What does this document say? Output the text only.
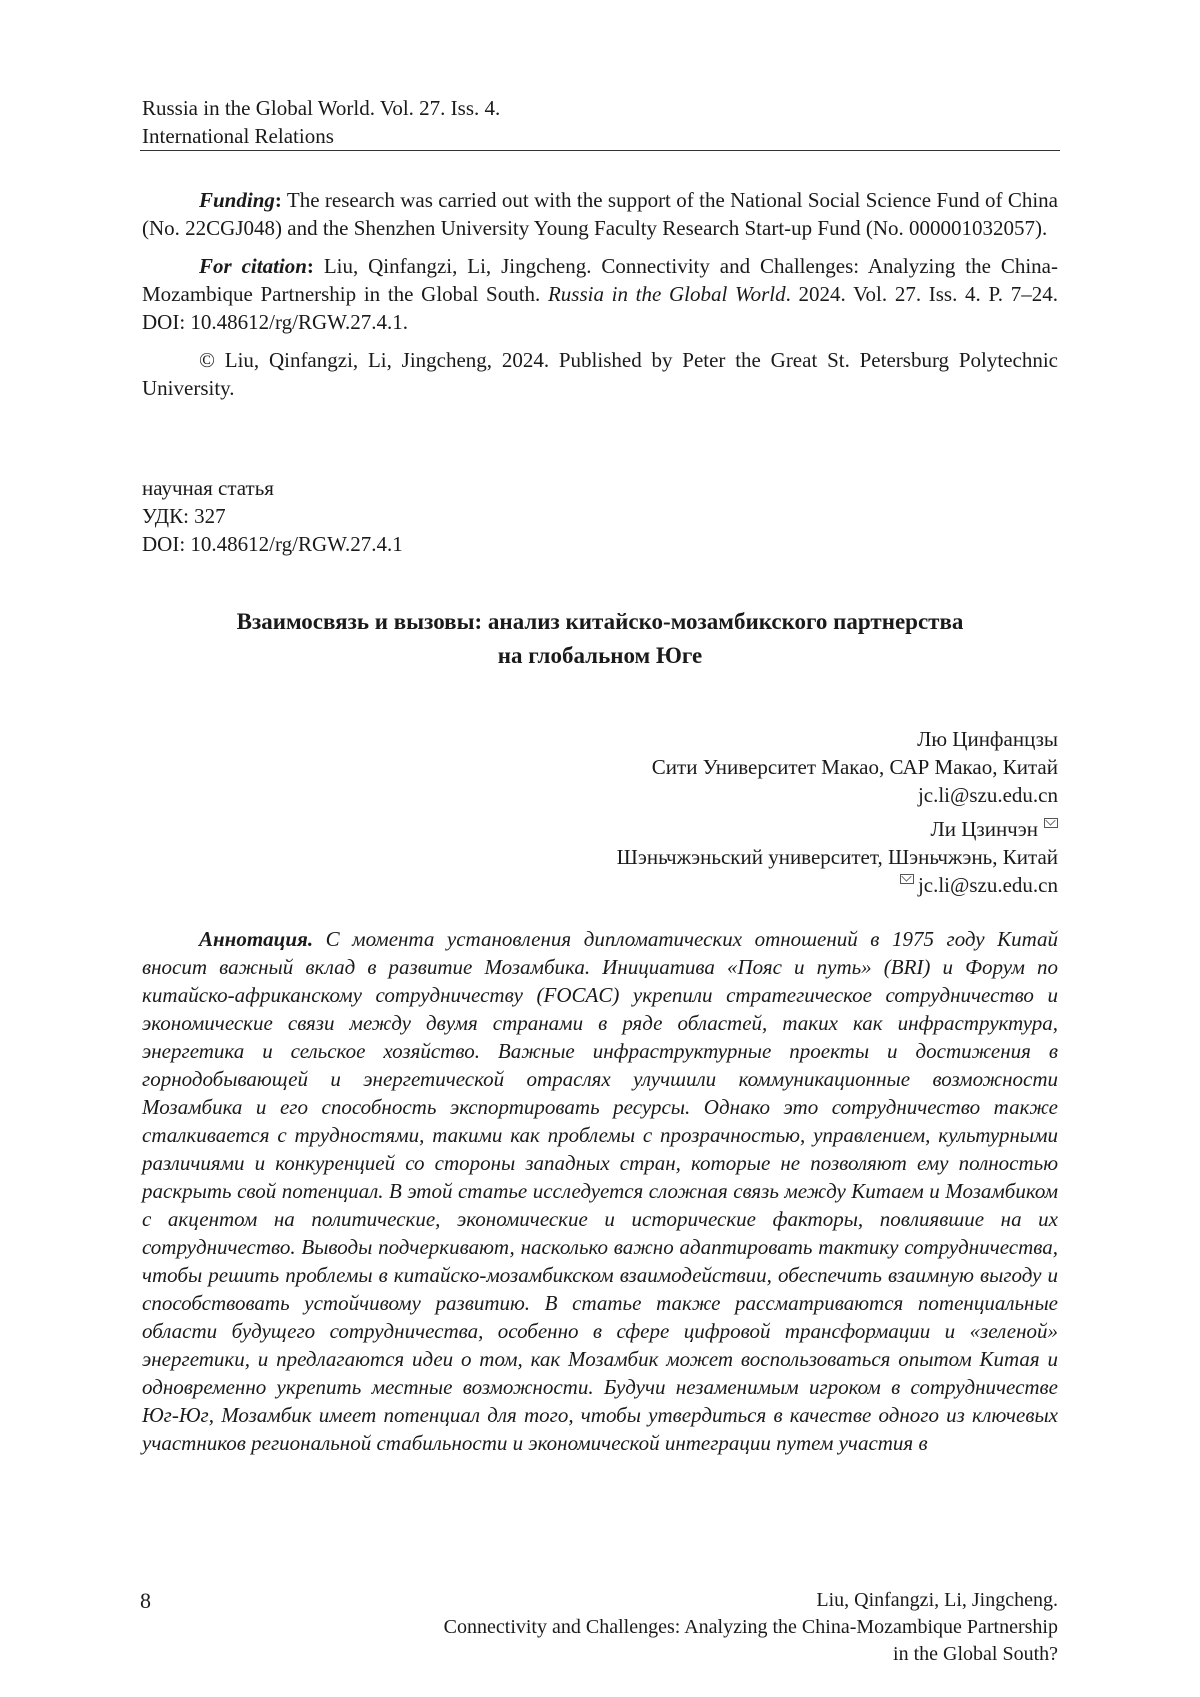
Russia in the Global World. Vol. 27. Iss. 4.
International Relations

Funding: The research was carried out with the support of the National Social Science Fund of China (No. 22CGJ048) and the Shenzhen University Young Faculty Research Start-up Fund (No. 000001032057).

For citation: Liu, Qinfangzi, Li, Jingcheng. Connectivity and Challenges: Analyzing the China-Mozambique Partnership in the Global South. Russia in the Global World. 2024. Vol. 27. Iss. 4. P. 7–24. DOI: 10.48612/rg/RGW.27.4.1.

© Liu, Qinfangzi, Li, Jingcheng, 2024. Published by Peter the Great St. Petersburg Polytechnic University.

научная статья
УДК: 327
DOI: 10.48612/rg/RGW.27.4.1
Взаимосвязь и вызовы: анализ китайско-мозамбикского партнерства
на глобальном Юге
Лю Цинфанцзы
Сити Университет Макао, САР Макао, Китай
jc.li@szu.edu.cn
Ли Цзинчэн
Шэньчжэньский университет, Шэньчжэнь, Китай
jc.li@szu.edu.cn

Аннотация. С момента установления дипломатических отношений в 1975 году Китай вносит важный вклад в развитие Мозамбика. Инициатива «Пояс и путь» (BRI) и Форум по китайско-африканскому сотрудничеству (FOCAC) укрепили стратегическое сотрудничество и экономические связи между двумя странами в ряде областей, таких как инфраструктура, энергетика и сельское хозяйство. Важные инфраструктурные проекты и достижения в горнодобывающей и энергетической отраслях улучшили коммуникационные возможности Мозамбика и его способность экспортировать ресурсы. Однако это сотрудничество также сталкивается с трудностями, такими как проблемы с прозрачностью, управлением, культурными различиями и конкуренцией со стороны западных стран, которые не позволяют ему полностью раскрыть свой потенциал. В этой статье исследуется сложная связь между Китаем и Мозамбиком с акцентом на политические, экономические и исторические факторы, повлиявшие на их сотрудничество. Выводы подчеркивают, насколько важно адаптировать тактику сотрудничества, чтобы решить проблемы в китайско-мозамбикском взаимодействии, обеспечить взаимную выгоду и способствовать устойчивому развитию. В статье также рассматриваются потенциальные области будущего сотрудничества, особенно в сфере цифровой трансформации и «зеленой» энергетики, и предлагаются идеи о том, как Мозамбик может воспользоваться опытом Китая и одновременно укрепить местные возможности. Будучи незаменимым игроком в сотрудничестве Юг-Юг, Мозамбик имеет потенциал для того, чтобы утвердиться в качестве одного из ключевых участников региональной стабильности и экономической интеграции путем участия в

8	Liu, Qinfangzi, Li, Jingcheng.
Connectivity and Challenges: Analyzing the China-Mozambique Partnership
in the Global South?
